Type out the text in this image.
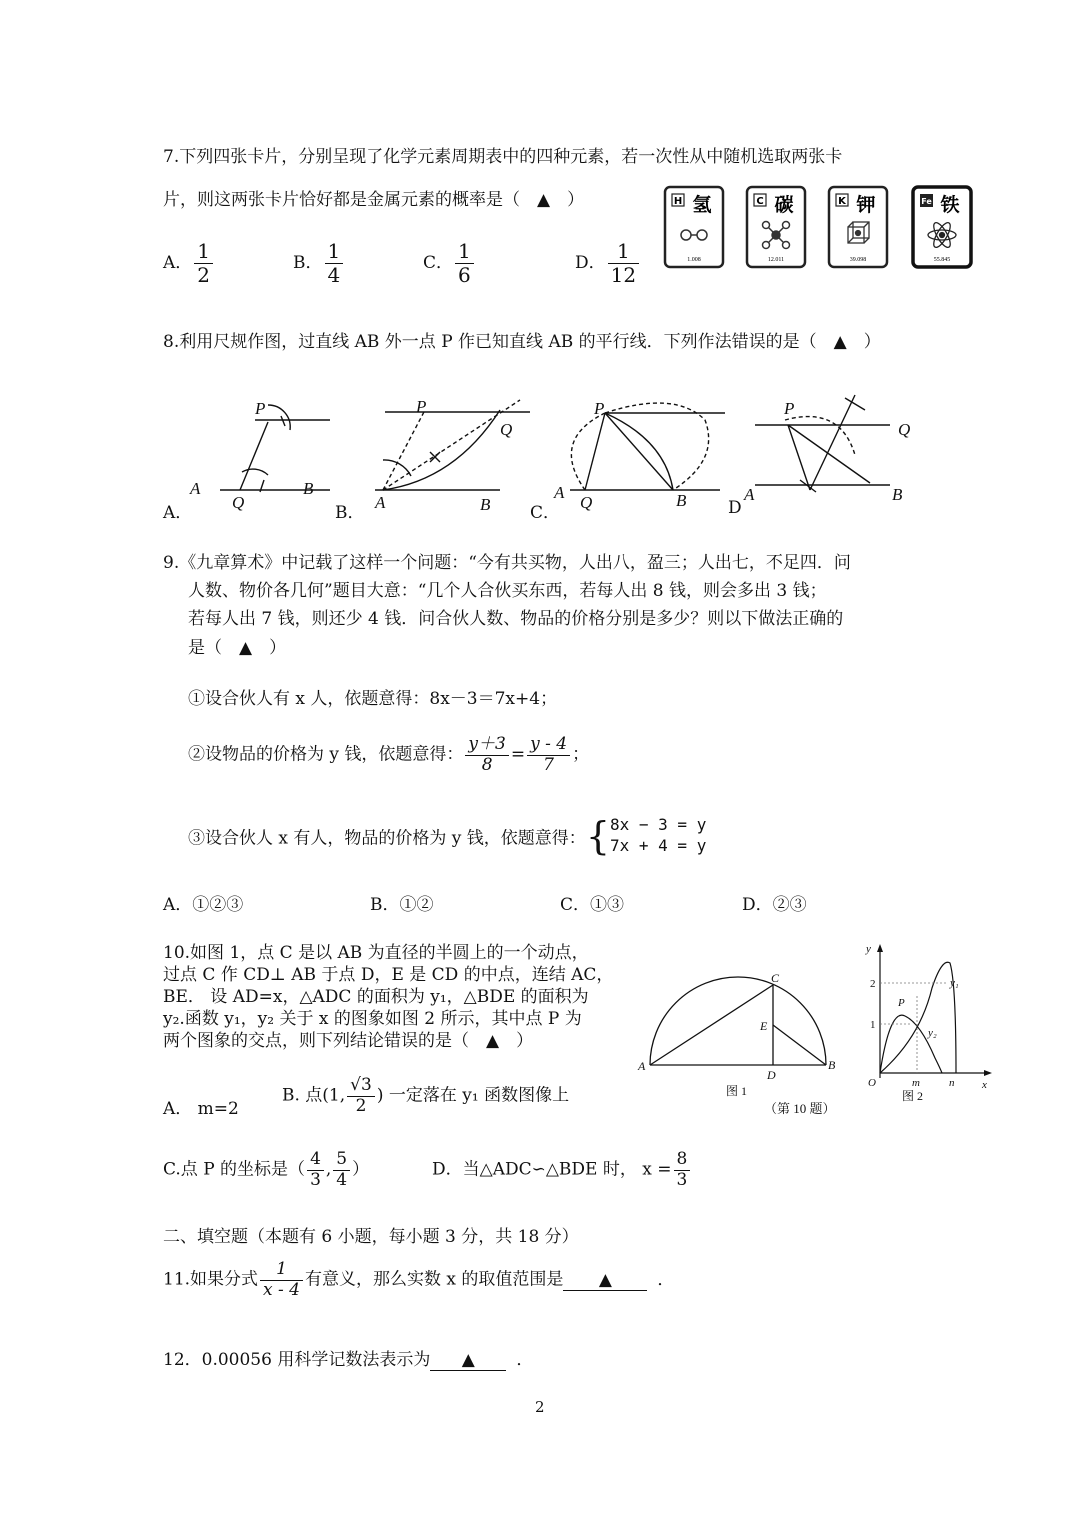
7.下列四张卡片，分别呈现了化学元素周期表中的四种元素，若一次性从中随机选取两张卡
片，则这两张卡片恰好都是金属元素的概率是（　▲　）
A． $\frac{1}{2}$	B． $\frac{1}{4}$	C． $\frac{1}{6}$	D． $\frac{1}{12}$
H 氢
1.008
C 碳
12.011
K 钾
39.098
Fe 铁
55.845
8.利用尺规作图，过直线 AB 外一点 P 作已知直线 AB 的平行线．下列作法错误的是（　▲　）
P
A	B
Q
P
Q
A	B
P
A
Q	B
P
Q
A	B
A．	B．	C．	D
9.《九章算术》中记载了这样一个问题：“今有共买物，人出八，盈三；人出七，不足四．问
人数、物价各几何”题目大意：“几个人合伙买东西，若每人出 8 钱，则会多出 3 钱；
若每人出 7 钱，则还少 4 钱．问合伙人数、物品的价格分别是多少？则以下做法正确的
是（　▲　）
①设合伙人有 x 人，依题意得：8x－3＝7x+4；
②设物品的价格为 y 钱，依题意得： $\frac{y+3}{8} = \frac{y - 4}{7}$ ；
③设合伙人 x 有人，物品的价格为 y 钱，依题意得：{ 8x − 3 = y
7x + 4 = y
A．①②③	B．①②	C．①③	D．②③
10.如图 1，点 C 是以 AB 为直径的半圆上的一个动点，
过点 C 作 CD⊥ AB 于点 D，E 是 CD 的中点，连结 AC，
BE． 设 AD=x，△ADC 的面积为 y₁，△BDE 的面积为
y₂.函数 y₁，y₂ 关于 x 的图象如图 2 所示，其中点 P 为
两个图象的交点，则下列结论错误的是（　▲　）
A	B
C
D
E
图 1
（第 10 题）
y
x
O	m	n
P
y₁
y₂
2
1
图 2
A． m=2
B. 点(1, $\frac{√3}{2}$ ) 一定落在 y₁ 函数图像上
C.点 P 的坐标是（ $\frac{4}{3}$ , $\frac{5}{4}$ ）	D．当△ADC∽△BDE 时， $x = \frac{8}{3}$
二、填空题（本题有 6 小题，每小题 3 分，共 18 分）
11.如果分式 $\frac{1}{x - 4}$ 有意义，那么实数 x 的取值范围是 ▲	．
12．0.00056 用科学记数法表示为 ▲ ．
2
